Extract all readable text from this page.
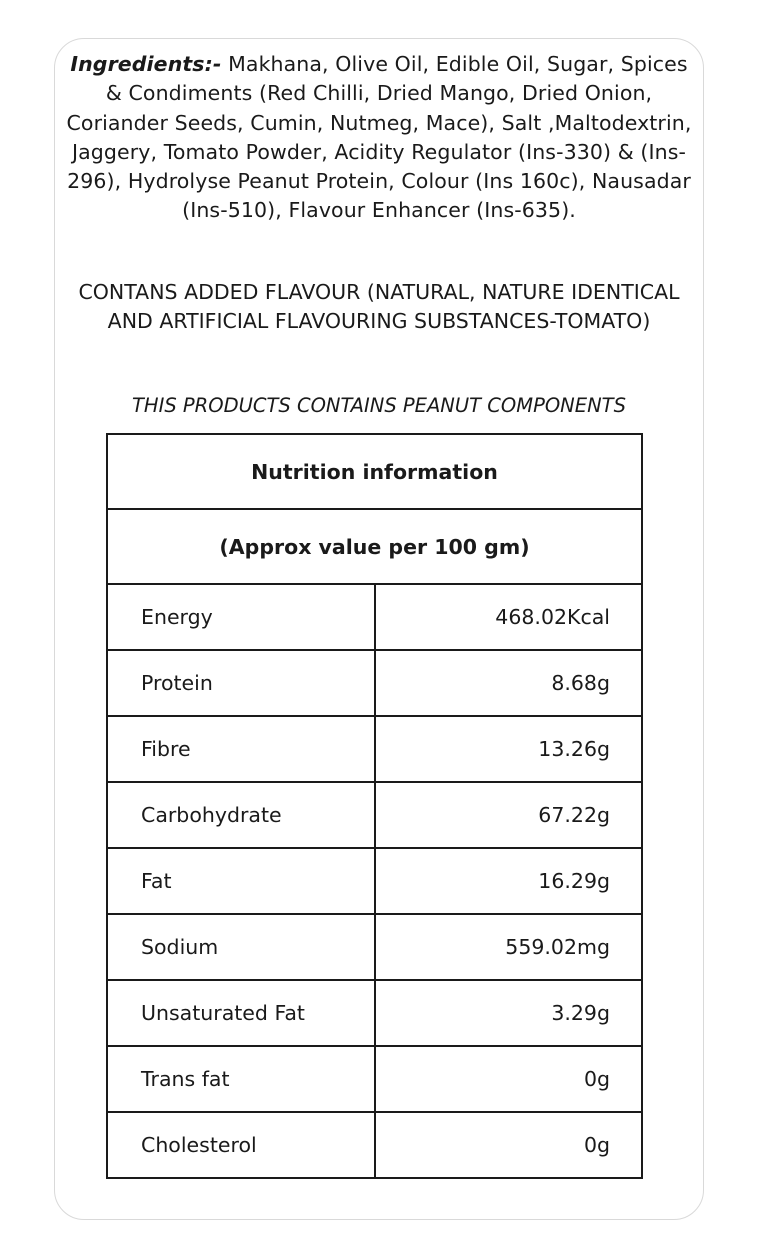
Ingredients:- Makhana, Olive Oil, Edible Oil, Sugar, Spices & Condiments (Red Chilli, Dried Mango, Dried Onion, Coriander Seeds, Cumin, Nutmeg, Mace), Salt ,Maltodextrin, Jaggery, Tomato Powder, Acidity Regulator (Ins-330) & (Ins-296), Hydrolyse Peanut Protein, Colour (Ins 160c), Nausadar (Ins-510), Flavour Enhancer (Ins-635).
CONTANS ADDED FLAVOUR (NATURAL, NATURE IDENTICAL AND ARTIFICIAL FLAVOURING SUBSTANCES-TOMATO)
THIS PRODUCTS CONTAINS PEANUT COMPONENTS
Nutrition information	
(Approx value per 100 gm)	
Energy	468.02Kcal
Protein	8.68g
Fibre	13.26g
Carbohydrate	67.22g
Fat	16.29g
Sodium	559.02mg
Unsaturated Fat	3.29g
Trans fat	0g
Cholesterol	0g
